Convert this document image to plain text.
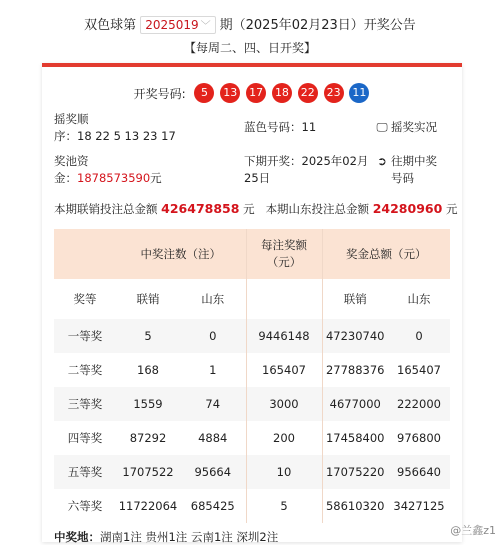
双色球第 2025019 ﹀ 期（2025年02月23日）开奖公告
【每周二、四、日开奖】
开奖号码: 5 13 17 18 22 23 11
摇奖顺
序：18 22 5 13 23 17
蓝色号码：11	🖵 摇奖实况
奖池资
金：1878573590元
下期开奖：2025年02月
25日
➲ 往期中奖
号码
本期联销投注总金额 426478858 元 本期山东投注总金额 24280960 元
	中奖注数（注）		每注奖额
（元）	奖金总额（元）	
奖等	联销	山东		联销	山东
一等奖	5	0	9446148	47230740	0
二等奖	168	1	165407	27788376	165407
三等奖	1559	74	3000	4677000	222000
四等奖	87292	4884	200	17458400	976800
五等奖	1707522	95664	10	17075220	956640
六等奖	11722064	685425	5	58610320	3427125
中奖地：湖南1注 贵州1注 云南1注 深圳2注	@兰鑫z1
